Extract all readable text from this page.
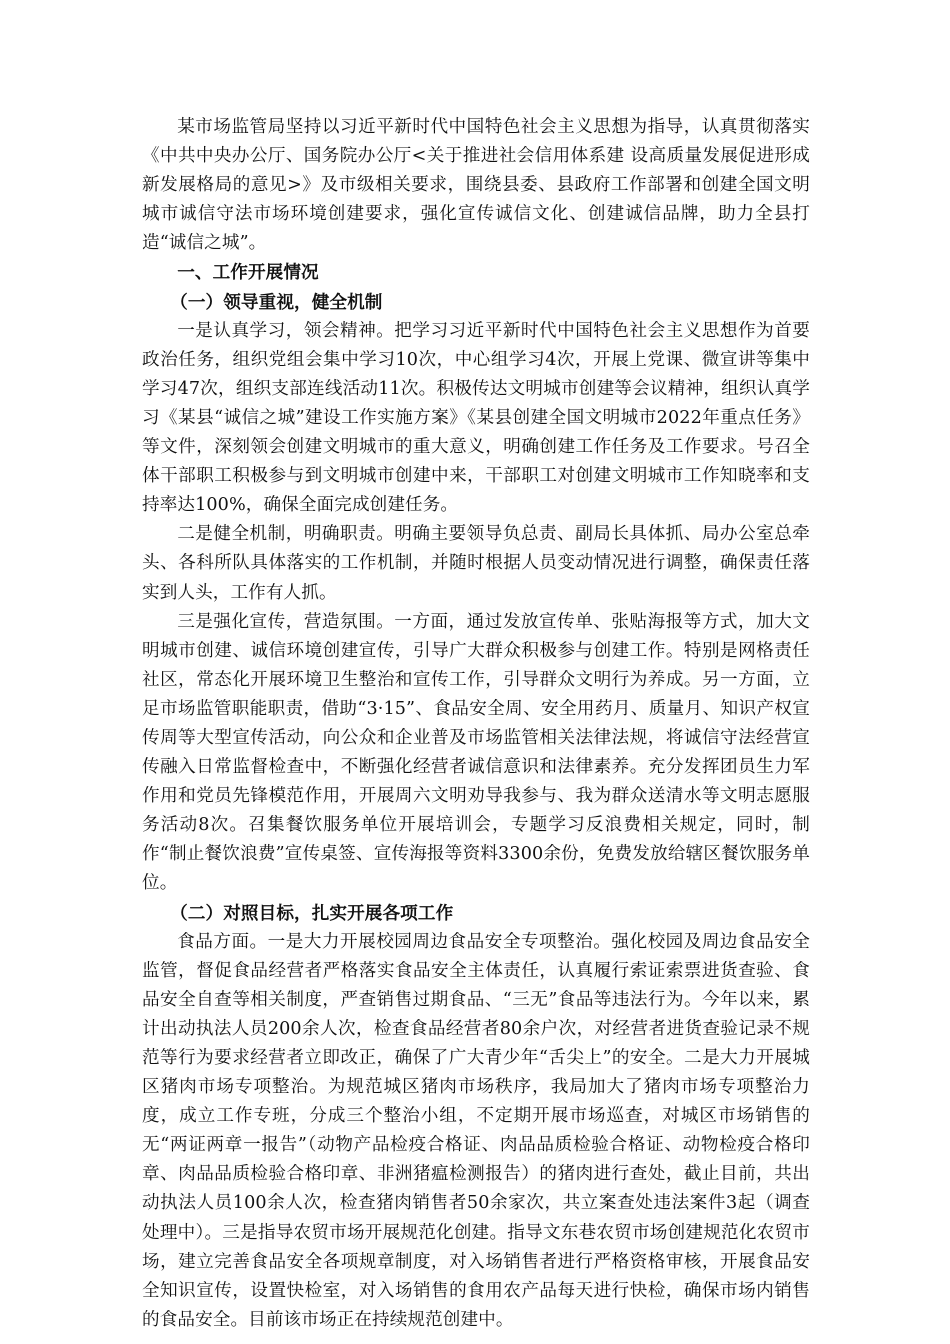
某市场监管局坚持以习近平新时代中国特色社会主义思想为指导，认真贯彻落实《中共中央办公厅、国务院办公厅<关于推进社会信用体系建 设高质量发展促进形成新发展格局的意见>》及市级相关要求，围绕县委、县政府工作部署和创建全国文明城市诚信守法市场环境创建要求，强化宣传诚信文化、创建诚信品牌，助力全县打造“诚信之城”。

一、工作开展情况

（一）领导重视，健全机制

一是认真学习，领会精神。把学习习近平新时代中国特色社会主义思想作为首要政治任务，组织党组会集中学习10次，中心组学习4次，开展上党课、微宣讲等集中学习47次，组织支部连线活动11次。积极传达文明城市创建等会议精神，组织认真学习《某县“诚信之城”建设工作实施方案》《某县创建全国文明城市2022年重点任务》等文件，深刻领会创建文明城市的重大意义，明确创建工作任务及工作要求。号召全体干部职工积极参与到文明城市创建中来，干部职工对创建文明城市工作知晓率和支持率达100%，确保全面完成创建任务。

二是健全机制，明确职责。明确主要领导负总责、副局长具体抓、局办公室总牵头、各科所队具体落实的工作机制，并随时根据人员变动情况进行调整，确保责任落实到人头，工作有人抓。

三是强化宣传，营造氛围。一方面，通过发放宣传单、张贴海报等方式，加大文明城市创建、诚信环境创建宣传，引导广大群众积极参与创建工作。特别是网格责任社区，常态化开展环境卫生整治和宣传工作，引导群众文明行为养成。另一方面，立足市场监管职能职责，借助“3·15”、食品安全周、安全用药月、质量月、知识产权宣传周等大型宣传活动，向公众和企业普及市场监管相关法律法规，将诚信守法经营宣传融入日常监督检查中，不断强化经营者诚信意识和法律素养。充分发挥团员生力军作用和党员先锋模范作用，开展周六文明劝导我参与、我为群众送清水等文明志愿服务活动8次。召集餐饮服务单位开展培训会，专题学习反浪费相关规定，同时，制作“制止餐饮浪费”宣传桌签、宣传海报等资料3300余份，免费发放给辖区餐饮服务单位。

（二）对照目标，扎实开展各项工作

食品方面。一是大力开展校园周边食品安全专项整治。强化校园及周边食品安全监管，督促食品经营者严格落实食品安全主体责任，认真履行索证索票进货查验、食品安全自查等相关制度，严查销售过期食品、“三无”食品等违法行为。今年以来，累计出动执法人员200余人次，检查食品经营者80余户次，对经营者进货查验记录不规范等行为要求经营者立即改正，确保了广大青少年“舌尖上”的安全。二是大力开展城区猪肉市场专项整治。为规范城区猪肉市场秩序，我局加大了猪肉市场专项整治力度，成立工作专班，分成三个整治小组，不定期开展市场巡查，对城区市场销售的无“两证两章一报告”（动物产品检疫合格证、肉品品质检验合格证、动物检疫合格印章、肉品品质检验合格印章、非洲猪瘟检测报告）的猪肉进行查处，截止目前，共出动执法人员100余人次，检查猪肉销售者50余家次，共立案查处违法案件3起（调查处理中）。三是指导农贸市场开展规范化创建。指导文东巷农贸市场创建规范化农贸市场，建立完善食品安全各项规章制度，对入场销售者进行严格资格审核，开展食品安全知识宣传，设置快检室，对入场销售的食用农产品每天进行快检，确保市场内销售的食品安全。目前该市场正在持续规范创建中。
